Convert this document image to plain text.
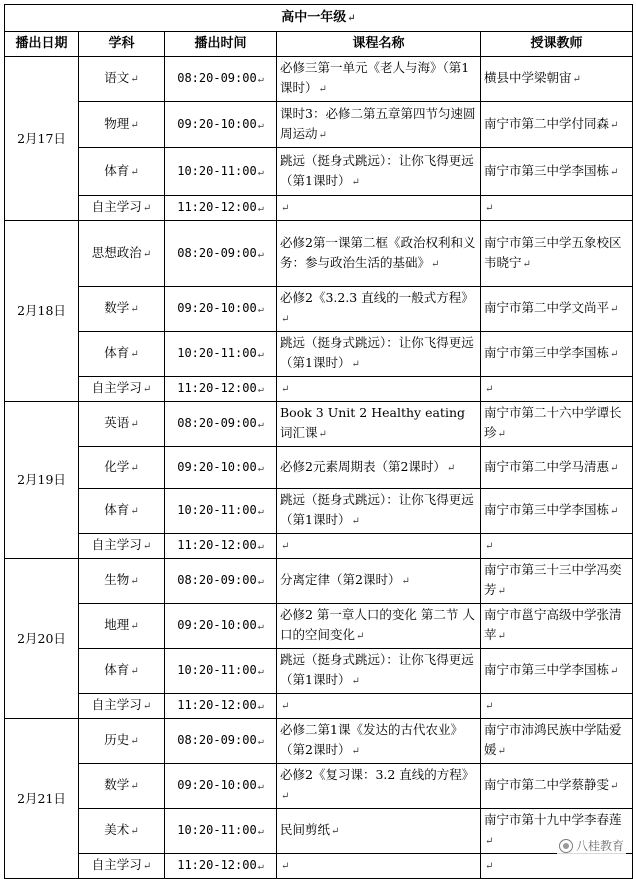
高中一年级↵				
播出日期	学科	播出时间	课程名称	授课教师
2月17日	语文↵	08:20-09:00↵	必修三第一单元《老人与海》（第1课时）↵	横县中学梁朝宙↵
	物理↵	09:20-10:00↵	课时3：必修二第五章第四节匀速圆周运动↵	南宁市第二中学付同森↵
	体育↵	10:20-11:00↵	跳远（挺身式跳远）：让你飞得更远（第1课时）↵	南宁市第三中学李国栋↵
	自主学习↵	11:20-12:00↵	↵	↵
2月18日	思想政治↵	08:20-09:00↵	必修2第一课第二框《政治权利和义务：参与政治生活的基础》↵	南宁市第三中学五象校区韦晓宁↵
	数学↵	09:20-10:00↵	必修2《3.2.3 直线的一般式方程》↵	南宁市第二中学文尚平↵
	体育↵	10:20-11:00↵	跳远（挺身式跳远）：让你飞得更远（第1课时）↵	南宁市第三中学李国栋↵
	自主学习↵	11:20-12:00↵	↵	↵
2月19日	英语↵	08:20-09:00↵	Book 3 Unit 2 Healthy eating 词汇课↵	南宁市第二十六中学谭长珍↵
	化学↵	09:20-10:00↵	必修2元素周期表（第2课时）↵	南宁市第二中学马清惠↵
	体育↵	10:20-11:00↵	跳远（挺身式跳远）：让你飞得更远（第1课时）↵	南宁市第三中学李国栋↵
	自主学习↵	11:20-12:00↵	↵	↵
2月20日	生物↵	08:20-09:00↵	分离定律（第2课时）↵	南宁市第三十三中学冯奕芳↵
	地理↵	09:20-10:00↵	必修2 第一章人口的变化 第二节 人口的空间变化↵	南宁市邕宁高级中学张清苹↵
	体育↵	10:20-11:00↵	跳远（挺身式跳远）：让你飞得更远（第1课时）↵	南宁市第三中学李国栋↵
	自主学习↵	11:20-12:00↵	↵	↵
2月21日	历史↵	08:20-09:00↵	必修二第1课《发达的古代农业》（第2课时）↵	南宁市沛鸿民族中学陆爱媛↵
	数学↵	09:20-10:00↵	必修2《复习课：3.2 直线的方程》↵	南宁市第二中学蔡静雯↵
	美术↵	10:20-11:00↵	民间剪纸↵	南宁市第十九中学李春莲↵
	自主学习↵	11:20-12:00↵	↵	↵
八桂教育
